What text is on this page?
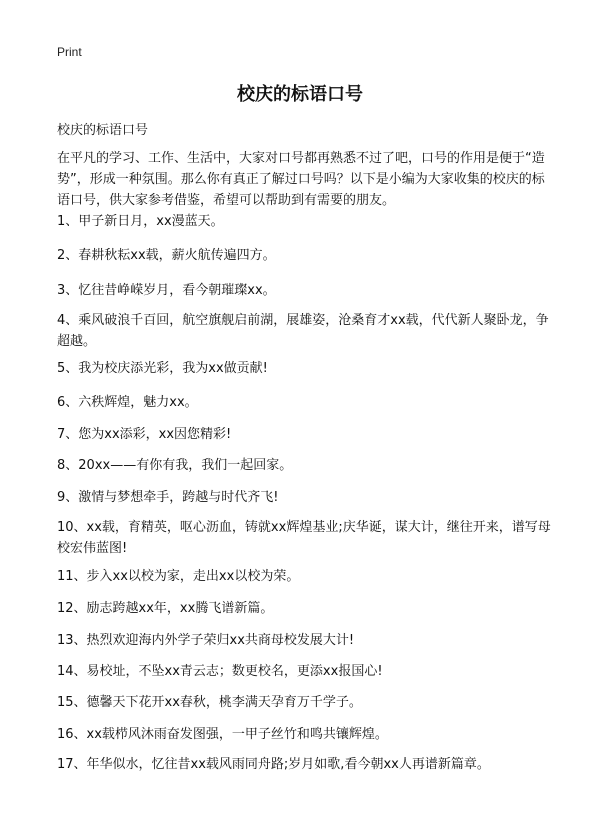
Print
校庆的标语口号
校庆的标语口号

在平凡的学习、工作、生活中，大家对口号都再熟悉不过了吧，口号的作用是便于“造势”，形成一种氛围。那么你有真正了解过口号吗？以下是小编为大家收集的校庆的标语口号，供大家参考借鉴，希望可以帮助到有需要的朋友。

1、甲子新日月，xx漫蓝天。

2、春耕秋耘xx载，薪火航传遍四方。

3、忆往昔峥嵘岁月，看今朝璀璨xx。

4、乘风破浪千百回，航空旗舰启前湖，展雄姿，沧桑育才xx载，代代新人聚卧龙，争超越。

5、我为校庆添光彩，我为xx做贡献!

6、六秩辉煌，魅力xx。

7、您为xx添彩，xx因您精彩!

8、20xx——有你有我，我们一起回家。

9、激情与梦想牵手，跨越与时代齐飞!

10、xx载，育精英，呕心沥血，铸就xx辉煌基业;庆华诞，谋大计，继往开来，谱写母校宏伟蓝图!

11、步入xx以校为家，走出xx以校为荣。

12、励志跨越xx年，xx腾飞谱新篇。

13、热烈欢迎海内外学子荣归xx共商母校发展大计!

14、易校址，不坠xx青云志；数更校名，更添xx报国心!

15、德馨天下花开xx春秋，桃李满天孕育万千学子。

16、xx载栉风沐雨奋发图强，一甲子丝竹和鸣共镶辉煌。

17、年华似水，忆往昔xx载风雨同舟路;岁月如歌,看今朝xx人再谱新篇章。
